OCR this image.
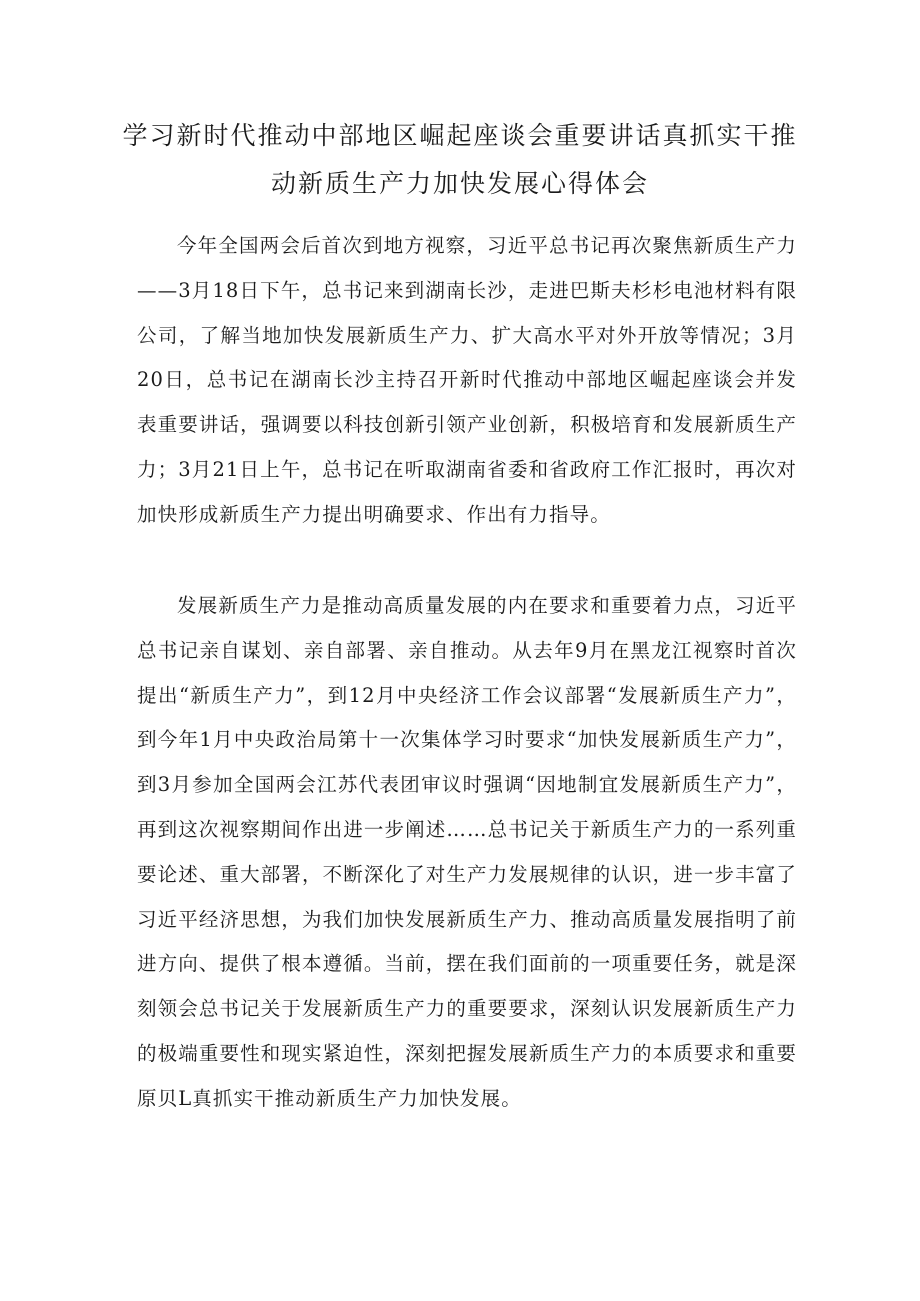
学习新时代推动中部地区崛起座谈会重要讲话真抓实干推
动新质生产力加快发展心得体会

今年全国两会后首次到地方视察，习近平总书记再次聚焦新质生产力——3月18日下午，总书记来到湖南长沙，走进巴斯夫杉杉电池材料有限公司，了解当地加快发展新质生产力、扩大高水平对外开放等情况；3月20日，总书记在湖南长沙主持召开新时代推动中部地区崛起座谈会并发表重要讲话，强调要以科技创新引领产业创新，积极培育和发展新质生产力；3月21日上午，总书记在听取湖南省委和省政府工作汇报时，再次对加快形成新质生产力提出明确要求、作出有力指导。

发展新质生产力是推动高质量发展的内在要求和重要着力点，习近平总书记亲自谋划、亲自部署、亲自推动。从去年9月在黑龙江视察时首次提出“新质生产力”，到12月中央经济工作会议部署“发展新质生产力”，到今年1月中央政治局第十一次集体学习时要求“加快发展新质生产力”，到3月参加全国两会江苏代表团审议时强调“因地制宜发展新质生产力”，再到这次视察期间作出进一步阐述……总书记关于新质生产力的一系列重要论述、重大部署，不断深化了对生产力发展规律的认识，进一步丰富了习近平经济思想，为我们加快发展新质生产力、推动高质量发展指明了前进方向、提供了根本遵循。当前，摆在我们面前的一项重要任务，就是深刻领会总书记关于发展新质生产力的重要要求，深刻认识发展新质生产力的极端重要性和现实紧迫性，深刻把握发展新质生产力的本质要求和重要原贝L真抓实干推动新质生产力加快发展。
